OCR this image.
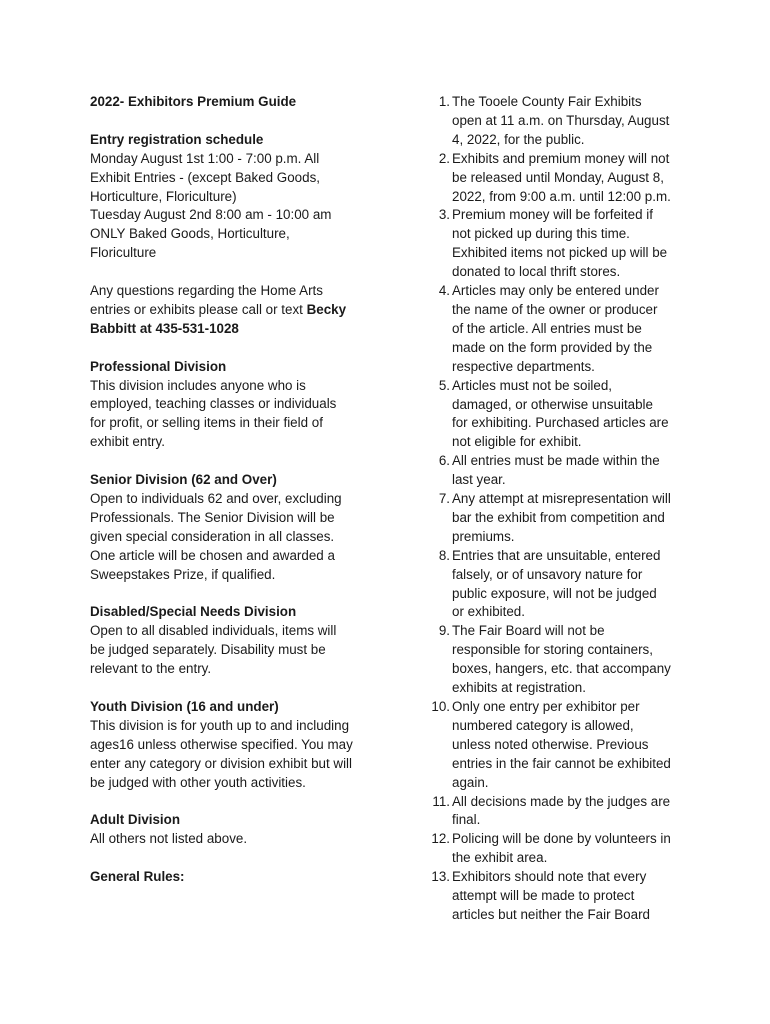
2022- Exhibitors Premium Guide

Entry registration schedule
Monday August 1st 1:00 - 7:00 p.m. All
Exhibit Entries - (except Baked Goods,
Horticulture, Floriculture)
Tuesday August 2nd 8:00 am - 10:00 am
ONLY Baked Goods, Horticulture,
Floriculture
Any questions regarding the Home Arts
entries or exhibits please call or text Becky
Babbitt at 435-531-1028
Professional Division
This division includes anyone who is
employed, teaching classes or individuals
for profit, or selling items in their field of
exhibit entry.
Senior Division (62 and Over)
Open to individuals 62 and over, excluding
Professionals. The Senior Division will be
given special consideration in all classes.
One article will be chosen and awarded a
Sweepstakes Prize, if qualified.
Disabled/Special Needs Division
Open to all disabled individuals, items will
be judged separately. Disability must be
relevant to the entry.
Youth Division (16 and under)
This division is for youth up to and including
ages16 unless otherwise specified. You may
enter any category or division exhibit but will
be judged with other youth activities.
Adult Division
All others not listed above.
General Rules:
1. The Tooele County Fair Exhibits
open at 11 a.m. on Thursday, August
4, 2022, for the public.
2. Exhibits and premium money will not
be released until Monday, August 8,
2022, from 9:00 a.m. until 12:00 p.m.
3. Premium money will be forfeited if
not picked up during this time.
Exhibited items not picked up will be
donated to local thrift stores.
4. Articles may only be entered under
the name of the owner or producer
of the article. All entries must be
made on the form provided by the
respective departments.
5. Articles must not be soiled,
damaged, or otherwise unsuitable
for exhibiting. Purchased articles are
not eligible for exhibit.
6. All entries must be made within the
last year.
7. Any attempt at misrepresentation will
bar the exhibit from competition and
premiums.
8. Entries that are unsuitable, entered
falsely, or of unsavory nature for
public exposure, will not be judged
or exhibited.
9. The Fair Board will not be
responsible for storing containers,
boxes, hangers, etc. that accompany
exhibits at registration.
10. Only one entry per exhibitor per
numbered category is allowed,
unless noted otherwise. Previous
entries in the fair cannot be exhibited
again.
11. All decisions made by the judges are
final.
12. Policing will be done by volunteers in
the exhibit area.
13. Exhibitors should note that every
attempt will be made to protect
articles but neither the Fair Board
